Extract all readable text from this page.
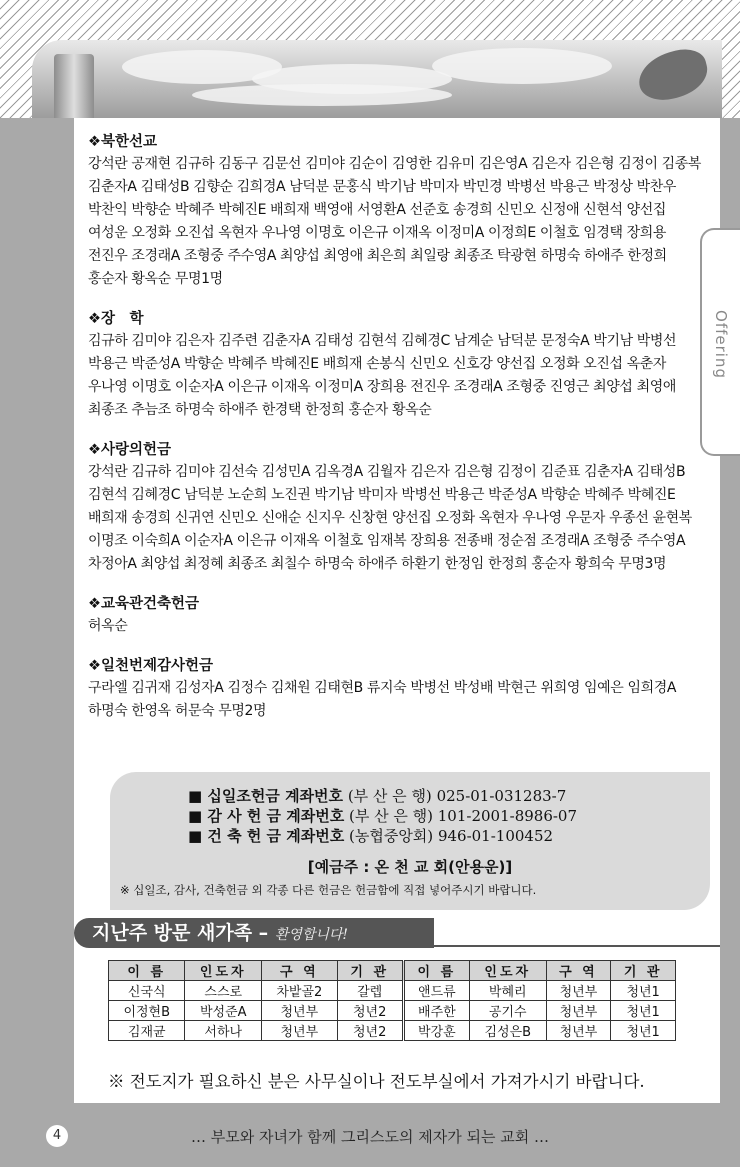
Offering
❖북한선교
강석란 공재현 김규하 김동구 김문선 김미야 김순이 김영한 김유미 김은영A 김은자 김은형 김정이 김종복 김춘자A 김태성B 김향순 김희경A 남덕분 문홍식 박기남 박미자 박민경 박병선 박용근 박정상 박찬우 박찬익 박향순 박혜주 박혜진E 배희재 백영애 서영환A 선준호 송경희 신민오 신정애 신현석 양선집 여성운 오정화 오진섭 옥현자 우나영 이명호 이은규 이재옥 이정미A 이정희E 이철호 임경택 장희용 전진우 조경래A 조형중 주수영A 최양섭 최영애 최은희 최일랑 최종조 탁광현 하명숙 하애주 한정희 홍순자 황옥순 무명1명
❖장　학
김규하 김미야 김은자 김주련 김춘자A 김태성 김현석 김혜경C 남계순 남덕분 문정숙A 박기남 박병선 박용근 박준성A 박향순 박혜주 박혜진E 배희재 손봉식 신민오 신호강 양선집 오정화 오진섭 옥춘자 우나영 이명호 이순자A 이은규 이재옥 이정미A 장희용 전진우 조경래A 조형중 진영근 최양섭 최영애 최종조 추늠조 하명숙 하애주 한경택 한정희 홍순자 황옥순
❖사랑의헌금
강석란 김규하 김미야 김선숙 김성민A 김옥경A 김월자 김은자 김은형 김정이 김준표 김춘자A 김태성B 김현석 김혜경C 남덕분 노순희 노진권 박기남 박미자 박병선 박용근 박준성A 박향순 박혜주 박혜진E 배희재 송경희 신귀연 신민오 신애순 신지우 신창현 양선집 오정화 옥현자 우나영 우문자 우종선 윤현복 이명조 이숙희A 이순자A 이은규 이재옥 이철호 임재복 장희용 전종배 정순점 조경래A 조형중 주수영A 차정아A 최양섭 최정혜 최종조 최칠수 하명숙 하애주 하환기 한정임 한정희 홍순자 황희숙 무명3명
❖교육관건축헌금
허옥순
❖일천번제감사헌금
구라엘 김귀재 김성자A 김정수 김채원 김태현B 류지숙 박병선 박성배 박현근 위희영 임예은 임희경A 하명숙 한영옥 허문숙 무명2명
■ 십일조헌금 계좌번호 (부 산 은 행) 025-01-031283-7
■ 감 사 헌 금 계좌번호 (부 산 은 행) 101-2001-8986-07
■ 건 축 헌 금 계좌번호 (농협중앙회) 946-01-100452
[예금주 : 온 천 교 회(안용운)]
※ 십일조, 감사, 건축헌금 외 각종 다른 헌금은 헌금함에 직접 넣어주시기 바랍니다.
지난주 방문 새가족 – 환영합니다!
이 름	인도자	구 역	기 관	이 름	인도자	구 역	기 관
신국식	스스로	차밭골2	갈렙	앤드류	박혜리	청년부	청년1
이정현B	박성준A	청년부	청년2	배주한	공기수	청년부	청년1
김재균	서하나	청년부	청년2	박강훈	김성은B	청년부	청년1
※ 전도지가 필요하신 분은 사무실이나 전도부실에서 가져가시기 바랍니다.
4	… 부모와 자녀가 함께 그리스도의 제자가 되는 교회 …
